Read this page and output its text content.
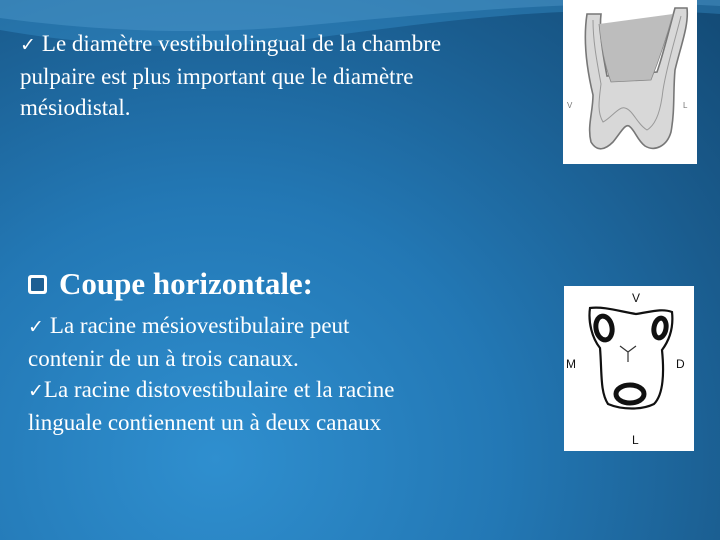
✓ Le diamètre vestibulolingual de la chambre
pulpaire est plus important que le diamètre
mésiodistal.
Coupe horizontale:
✓ La racine mésiovestibulaire peut
contenir de un à trois canaux.
✓La racine distovestibulaire et la racine
linguale contiennent un à deux canaux
V	L
V
M	D
L
